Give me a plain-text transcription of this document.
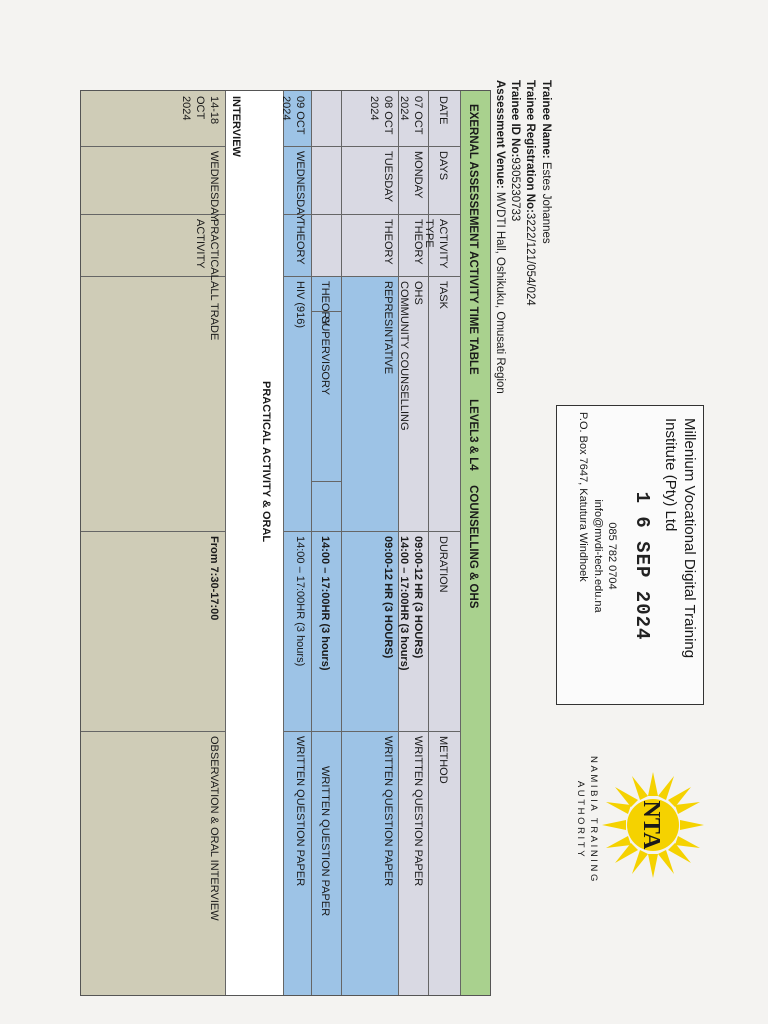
NTA
NAMIBIA TRAINING
AUTHORITY
Millenium Vocational Digital Training Institute (Pty) Ltd
1 6 SEP 2024
085 782 0704
info@mvdi-tech.edu.na
P.O. Box 7647, Katutura Windhoek
Trainee Name: Estes Johannes
Trainee Registration No:3222/121/054/024
Trainee ID No:9305230733
Assessment Venue: MVDTI Hall, Oshikuku, Omusati Region
EXERNAL ASSESSEMENT ACTIVITY TIME TABLE  LEVEL3 & L4  COUNSELLING & OHS
DATE
DAYS
ACTIVITY TYPE
TASK
DURATION
METHOD
07 OCT 2024
MONDAY
THEORY
OHS
COMMUNITY COUNSELLING
09:00-12 HR (3 HOURS)
14:00 – 17:00HR (3 hours)
WRITTEN QUESTION PAPER
08 OCT 2024
TUESDAY
THEORY
REPRESINTATIVE
09:00-12 HR (3 HOURS)
WRITTEN QUESTION PAPER
THEORY
SUPERVISORY
14:00 – 17:00HR (3 hours)
WRITTEN QUESTION PAPER
09 OCT 2024
WEDNESDAY
THEORY
HIV (916)
14:00 – 17:00HR (3 hours)
WRITTEN QUESTION PAPER
PRACTICAL ACTIVITY & ORAL
INTERVIEW
14-18 OCT 2024
WEDNESDAY
PRACTICAL ACTIVITY
ALL TRADE
From 7:30-17:00
OBSERVATION & ORAL INTERVIEW
